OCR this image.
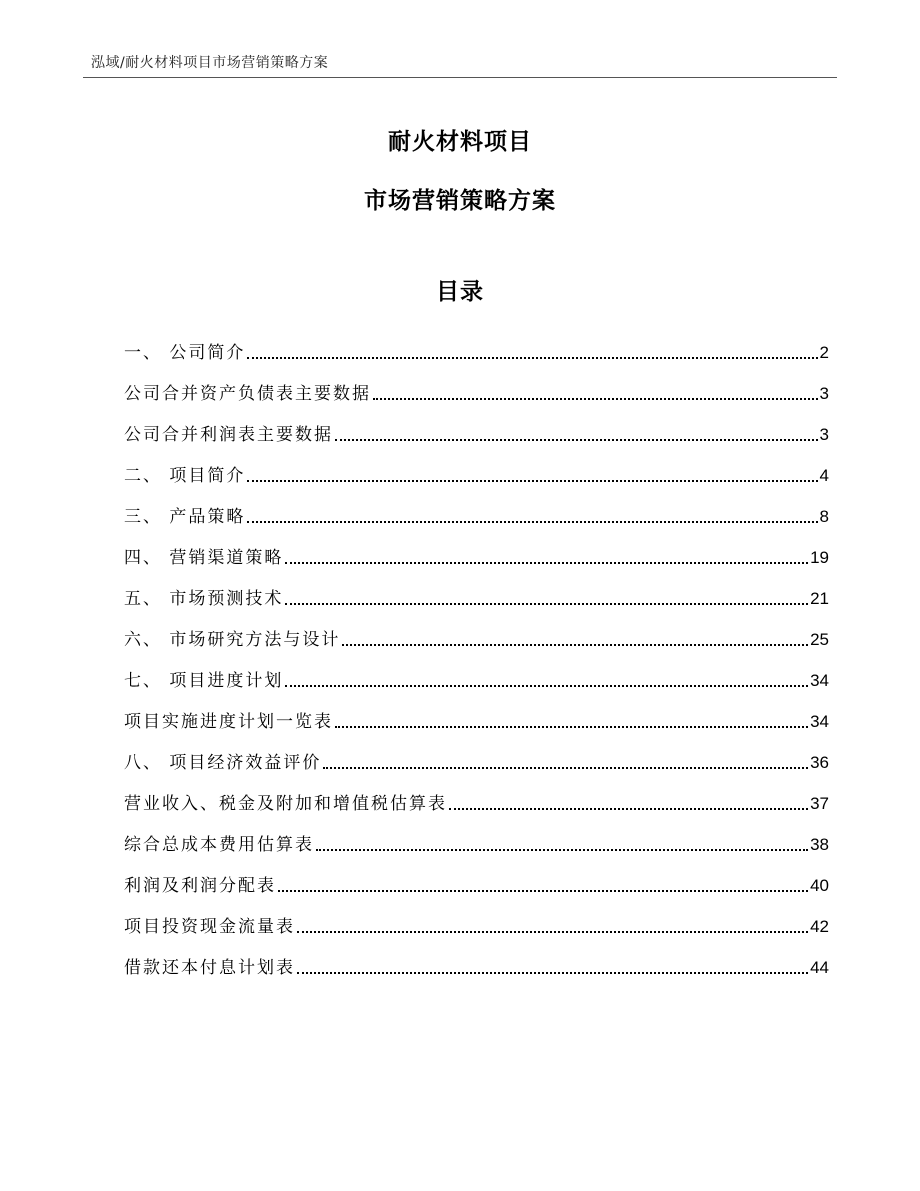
泓域/耐火材料项目市场营销策略方案
耐火材料项目
市场营销策略方案
目录
一、 公司简介	2
公司合并资产负债表主要数据	3
公司合并利润表主要数据	3
二、 项目简介	4
三、 产品策略	8
四、 营销渠道策略	19
五、 市场预测技术	21
六、 市场研究方法与设计	25
七、 项目进度计划	34
项目实施进度计划一览表	34
八、 项目经济效益评价	36
营业收入、税金及附加和增值税估算表	37
综合总成本费用估算表	38
利润及利润分配表	40
项目投资现金流量表	42
借款还本付息计划表	44
